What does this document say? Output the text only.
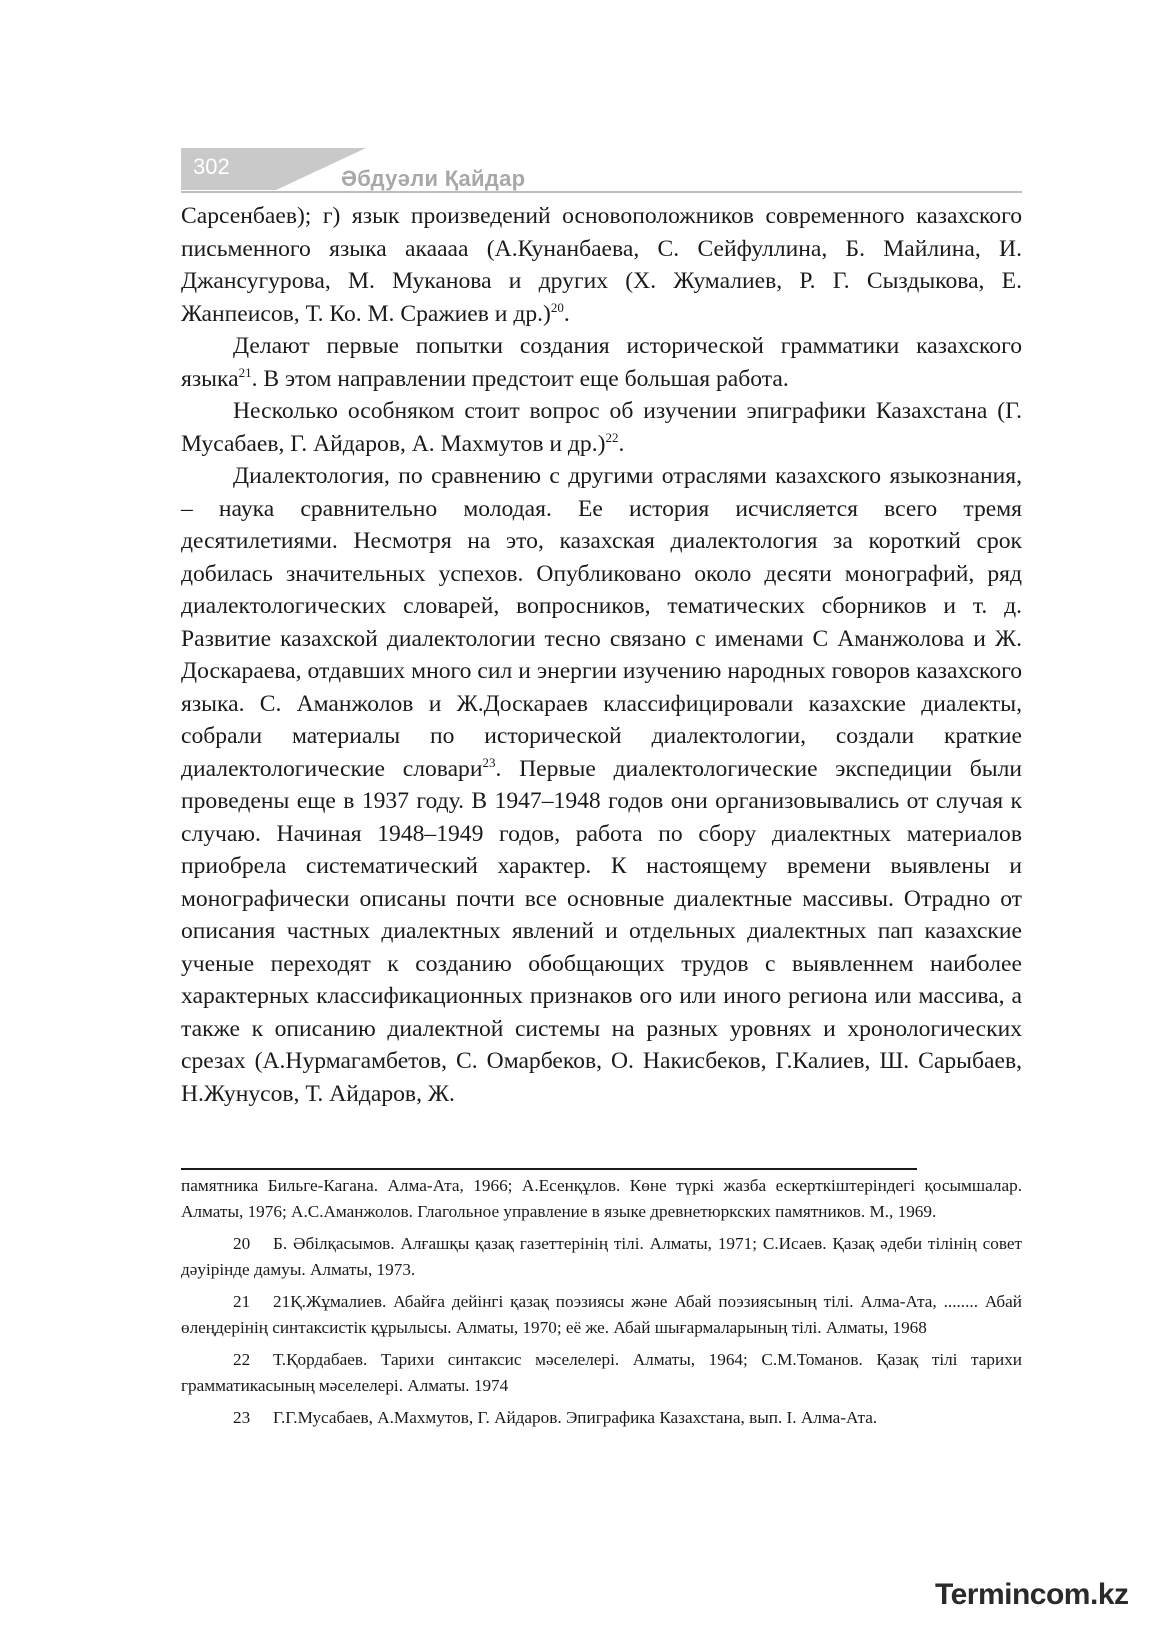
302	Әбдуәли Қайдар

Сарсенбаев); г) язык произведений основоположников современного казахского письменного языка акаааа (А.Кунанбаева, С. Сейфуллина, Б. Майлина, И. Джансугурова, М. Муканова и других (Х. Жумалиев, Р. Г. Сыздыкова, Е. Жанпеисов, Т. Ко. М. Сражиев и др.)$^{20}$.

Делают первые попытки создания исторической грамматики казахского языка$^{21}$. В этом направлении предстоит еще большая работа.

Несколько особняком стоит вопрос об изучении эпиграфики Казахстана (Г. Мусабаев, Г. Айдаров, А. Махмутов и др.)$^{22}$.

Диалектология, по сравнению с другими отраслями казахского языкознания, – наука сравнительно молодая. Ее история исчисляется всего тремя десятилетиями. Несмотря на это, казахская диалектология за короткий срок добилась значительных успехов. Опубликовано около десяти монографий, ряд диалектологических словарей, вопросников, тематических сборников и т. д. Развитие казахской диалектологии тесно связано с именами С Аманжолова и Ж. Доскараева, отдавших много сил и энергии изучению народных говоров казахского языка. С. Аманжолов и Ж.Доскараев классифицировали казахские диалекты, собрали материалы по исторической диалектологии, создали краткие диалектологические словари$^{23}$. Первые диалектологические экспедиции были проведены еще в 1937 году. В 1947–1948 годов они организовывались от случая к случаю. Начиная 1948–1949 годов, работа по сбору диалектных материалов приобрела систематический характер. К настоящему времени выявлены и монографически описаны почти все основные диалектные массивы. Отрадно от описания частных диалектных явлений и отдельных диалектных пап казахские ученые переходят к созданию обобщающих трудов с выявленнем наиболее характерных классификационных признаков ого или иного региона или массива, а также к описанию диалектной системы на разных уровнях и хронологических срезах (А.Нурмагамбетов, С. Омарбеков, О. Накисбеков, Г.Калиев, Ш. Сарыбаев, Н.Жунусов, Т. Айдаров, Ж.

памятника Бильге-Кагана. Алма-Ата, 1966; А.Есенқұлов. Көне түркі жазба ескерткіштеріндегі қосымшалар. Алматы, 1976; А.С.Аманжолов. Глагольное управление в языке древнетюркских памятников. М., 1969.

20 Б. Әбілқасымов. Алғашқы қазақ газеттерінің тілі. Алматы, 1971; С.Исаев. Қазақ әдеби тілінің совет дәуірінде дамуы. Алматы, 1973.

21 21Қ.Жұмалиев. Абайға дейінгі қазақ поэзиясы және Абай поэзиясының тілі. Алма-Ата, ........ Абай өлеңдерінің синтаксистік құрылысы. Алматы, 1970; её же. Абай шығармаларының тілі. Алматы, 1968

22 Т.Қордабаев. Тарихи синтаксис мәселелері. Алматы, 1964; С.М.Томанов. Қазақ тілі тарихи грамматикасының мәселелері. Алматы. 1974

23 Г.Г.Мусабаев, А.Махмутов, Г. Айдаров. Эпиграфика Казахстана, вып. I. Алма-Ата.

Terminсоm.kz
